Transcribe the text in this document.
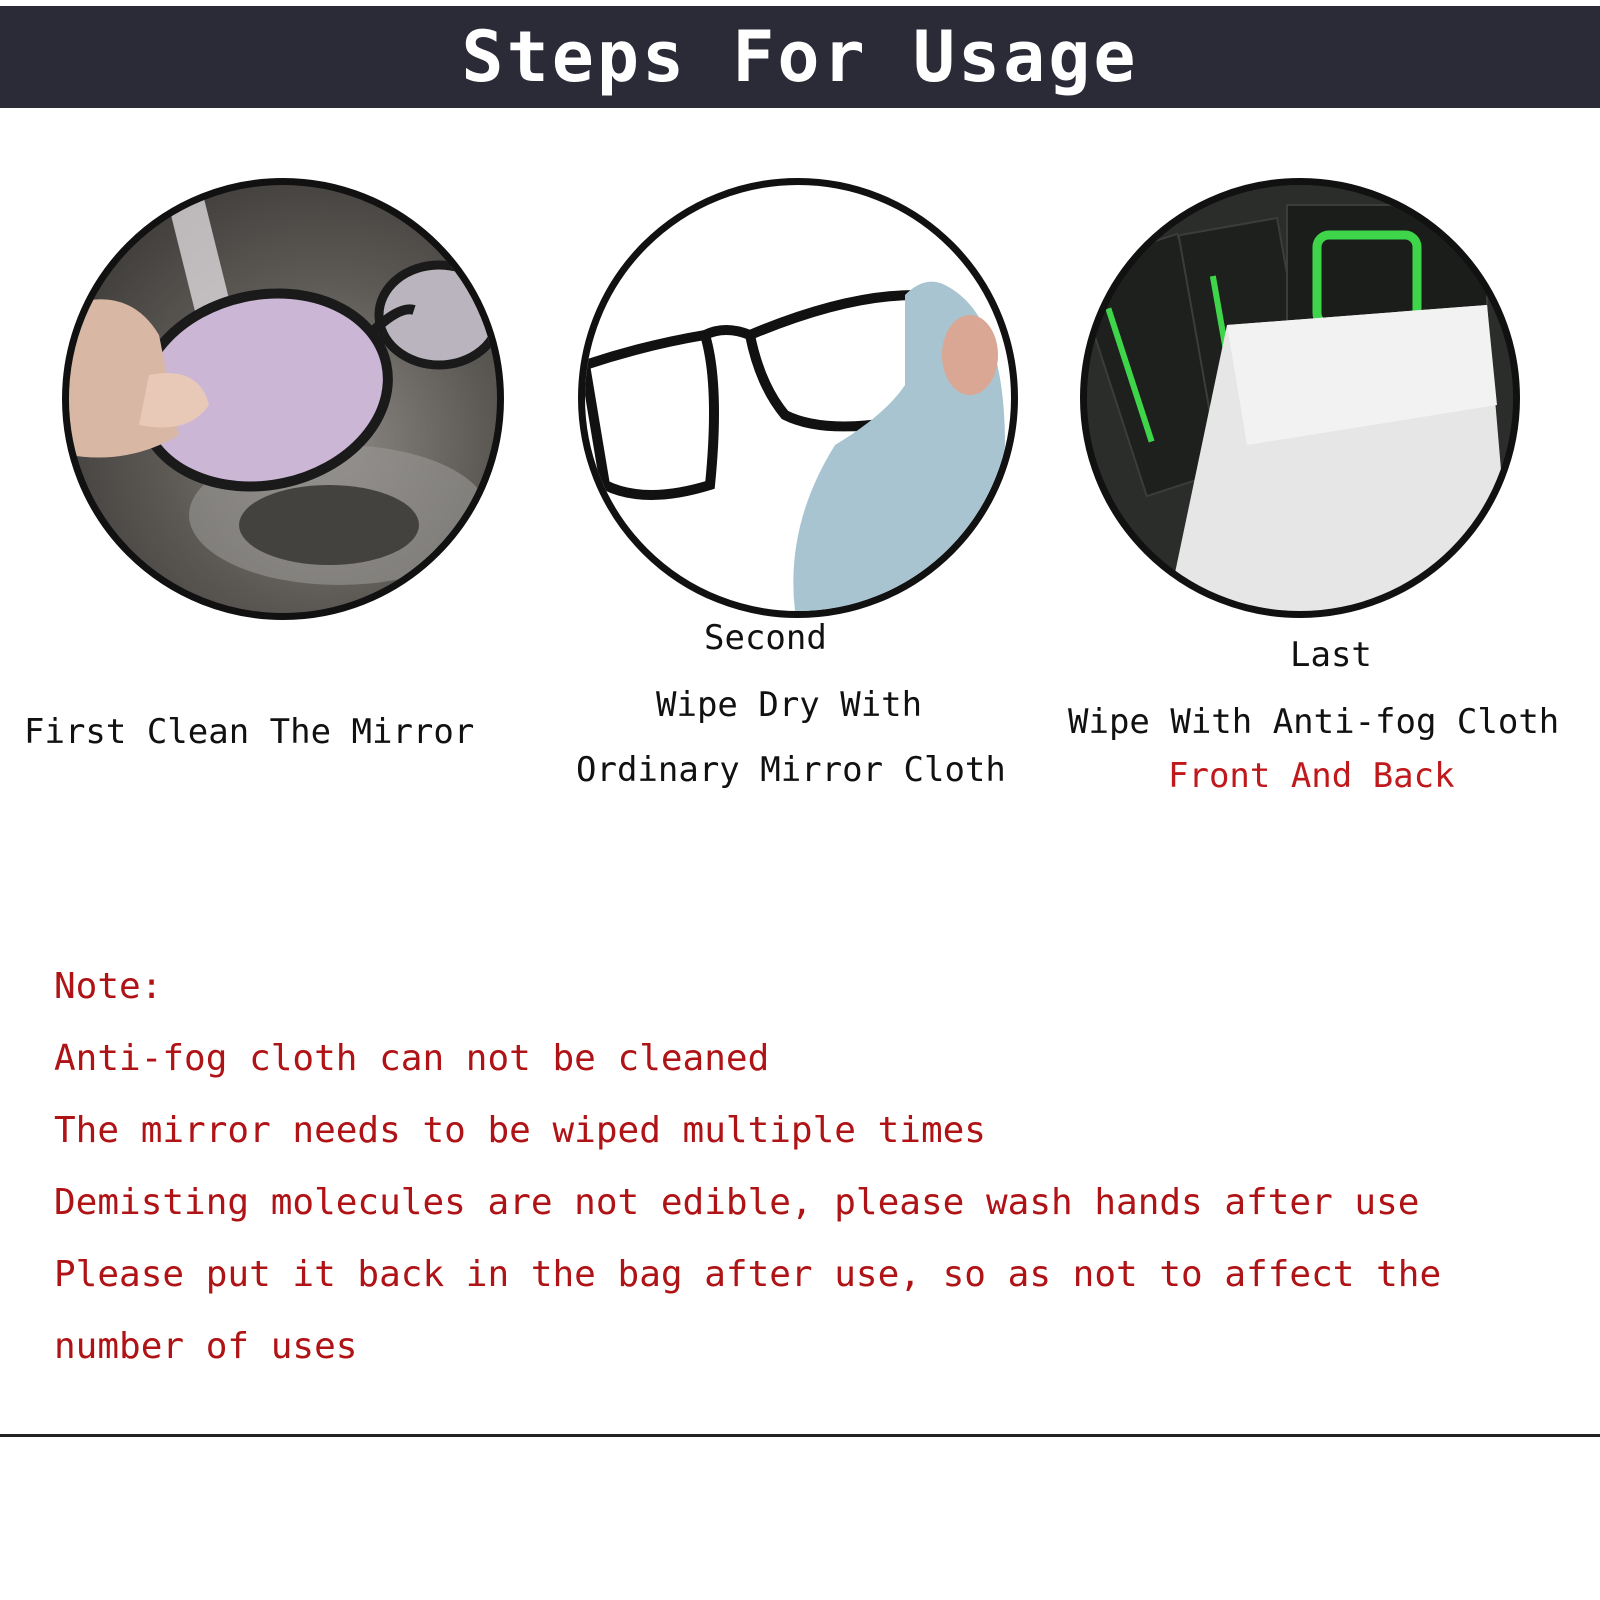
Steps For Usage
First Clean The Mirror
Second
Wipe Dry With
Ordinary Mirror Cloth
Last
Wipe With Anti-fog Cloth
Front And Back
Note:
Anti-fog cloth can not be cleaned
The mirror needs to be wiped multiple times
Demisting molecules are not edible, please wash hands after use
Please put it back in the bag after use, so as not to affect the
number of uses
